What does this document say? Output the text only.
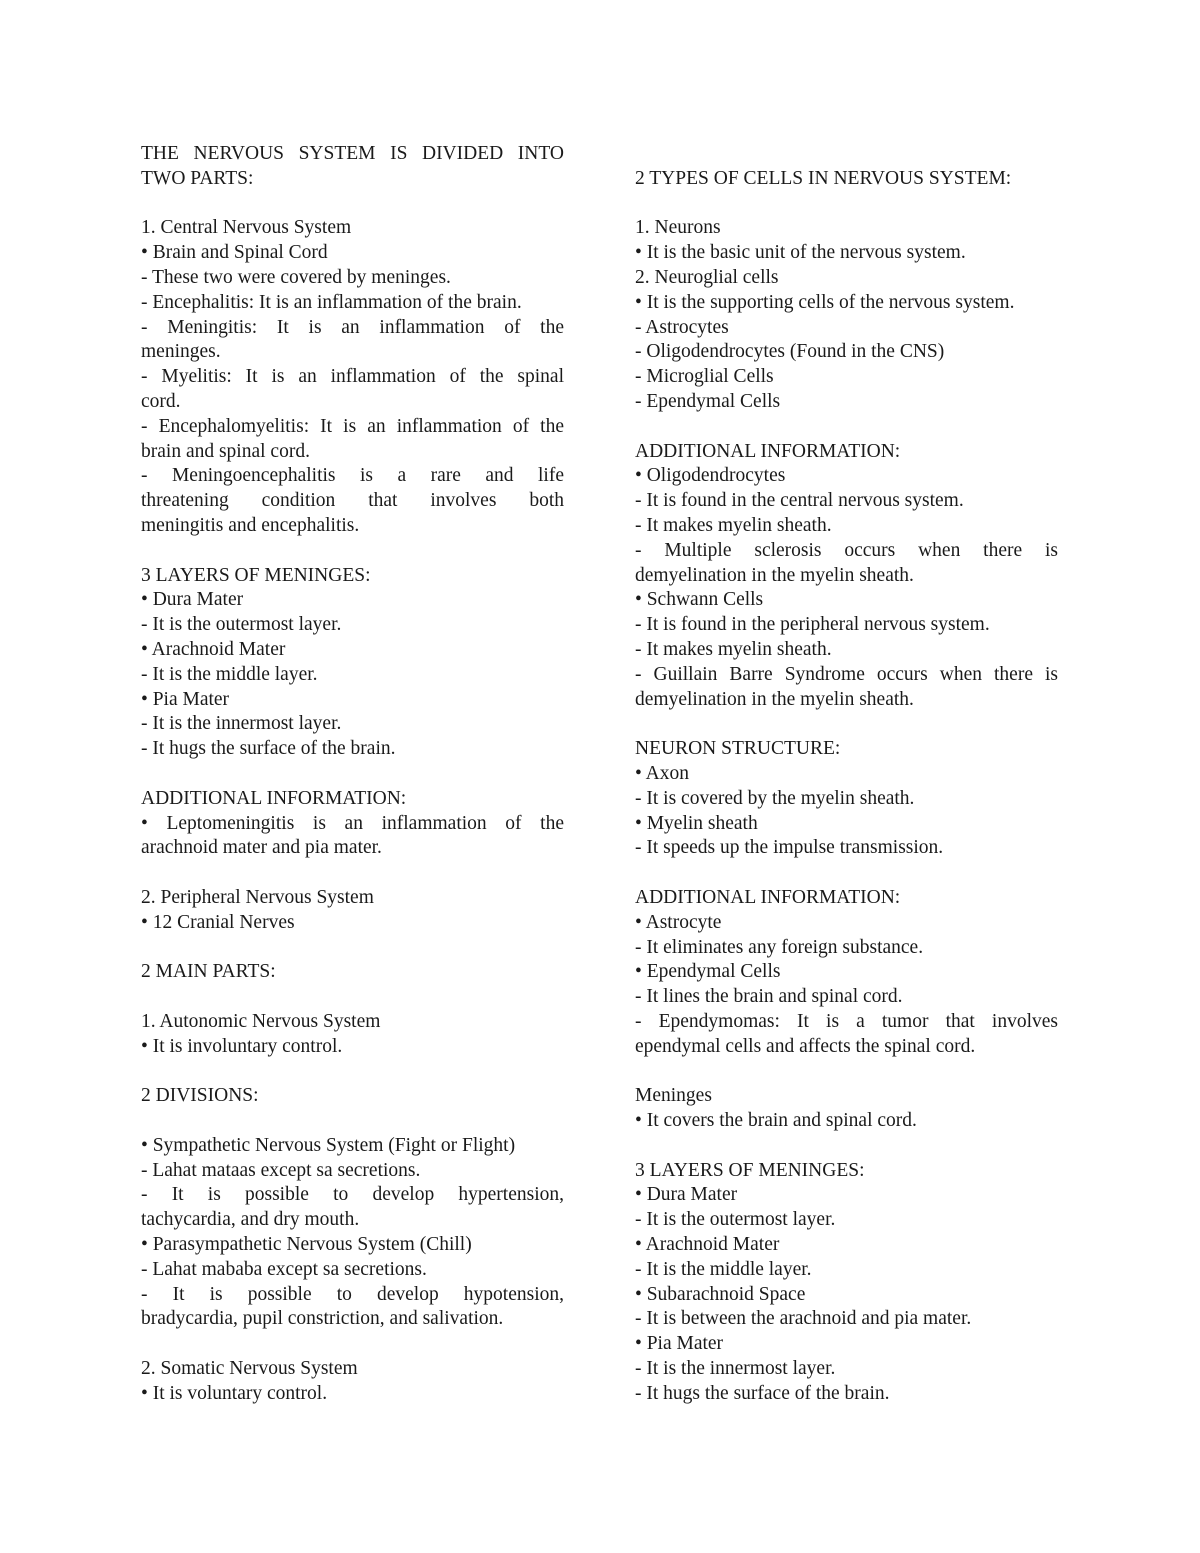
THE NERVOUS SYSTEM IS DIVIDED INTO
TWO PARTS:
1. Central Nervous System
• Brain and Spinal Cord
- These two were covered by meninges.
- Encephalitis: It is an inflammation of the brain.
- Meningitis: It is an inflammation of the
meninges.
- Myelitis: It is an inflammation of the spinal
cord.
- Encephalomyelitis: It is an inflammation of the
brain and spinal cord.
- Meningoencephalitis is a rare and life
threatening condition that involves both
meningitis and encephalitis.
3 LAYERS OF MENINGES:
• Dura Mater
- It is the outermost layer.
• Arachnoid Mater
- It is the middle layer.
• Pia Mater
- It is the innermost layer.
- It hugs the surface of the brain.
ADDITIONAL INFORMATION:
• Leptomeningitis is an inflammation of the
arachnoid mater and pia mater.
2. Peripheral Nervous System
• 12 Cranial Nerves
2 MAIN PARTS:
1. Autonomic Nervous System
• It is involuntary control.
2 DIVISIONS:
• Sympathetic Nervous System (Fight or Flight)
- Lahat mataas except sa secretions.
- It is possible to develop hypertension,
tachycardia, and dry mouth.
• Parasympathetic Nervous System (Chill)
- Lahat mababa except sa secretions.
- It is possible to develop hypotension,
bradycardia, pupil constriction, and salivation.
2. Somatic Nervous System
• It is voluntary control.
2 TYPES OF CELLS IN NERVOUS SYSTEM:
1. Neurons
• It is the basic unit of the nervous system.
2. Neuroglial cells
• It is the supporting cells of the nervous system.
- Astrocytes
- Oligodendrocytes (Found in the CNS)
- Microglial Cells
- Ependymal Cells
ADDITIONAL INFORMATION:
• Oligodendrocytes
- It is found in the central nervous system.
- It makes myelin sheath.
- Multiple sclerosis occurs when there is
demyelination in the myelin sheath.
• Schwann Cells
- It is found in the peripheral nervous system.
- It makes myelin sheath.
- Guillain Barre Syndrome occurs when there is
demyelination in the myelin sheath.
NEURON STRUCTURE:
• Axon
- It is covered by the myelin sheath.
• Myelin sheath
- It speeds up the impulse transmission.
ADDITIONAL INFORMATION:
• Astrocyte
- It eliminates any foreign substance.
• Ependymal Cells
- It lines the brain and spinal cord.
- Ependymomas: It is a tumor that involves
ependymal cells and affects the spinal cord.
Meninges
• It covers the brain and spinal cord.
3 LAYERS OF MENINGES:
• Dura Mater
- It is the outermost layer.
• Arachnoid Mater
- It is the middle layer.
• Subarachnoid Space
- It is between the arachnoid and pia mater.
• Pia Mater
- It is the innermost layer.
- It hugs the surface of the brain.
